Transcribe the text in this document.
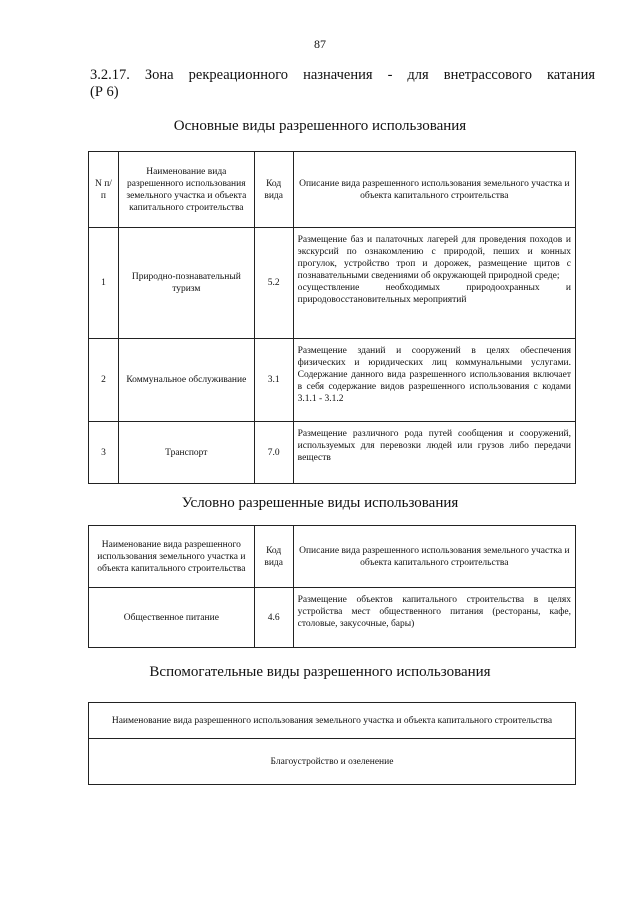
87
3.2.17. Зона рекреационного назначения - для внетрассового катания
(Р 6)
Основные виды разрешенного использования
N п/п	Наименование вида разрешенного использования земельного участка и объекта капитального строительства	Код вида	Описание вида разрешенного использования земельного участка и объекта капитального строительства
1	Природно-познавательный туризм	5.2	Размещение баз и палаточных лагерей для проведения походов и экскурсий по ознакомлению с природой, пеших и конных прогулок, устройство троп и дорожек, размещение щитов с познавательными сведениями об окружающей природной среде;
осуществление необходимых природоохранных и природовосстановительных мероприятий

2	Коммунальное обслуживание	3.1	Размещение зданий и сооружений в целях обеспечения физических и юридических лиц коммунальными услугами. Содержание данного вида разрешенного использования включает в себя содержание видов разрешенного использования с кодами 3.1.1 - 3.1.2
3	Транспорт	7.0	Размещение различного рода путей сообщения и сооружений, используемых для перевозки людей или грузов либо передачи веществ
Условно разрешенные виды использования
Наименование вида разрешенного использования земельного участка и объекта капитального строительства	Код вида	Описание вида разрешенного использования земельного участка и объекта капитального строительства
Общественное питание	4.6	Размещение объектов капитального строительства в целях устройства мест общественного питания (рестораны, кафе, столовые, закусочные, бары)
Вспомогательные виды разрешенного использования
Наименование вида разрешенного использования земельного участка и объекта капитального строительства
Благоустройство и озеленение
